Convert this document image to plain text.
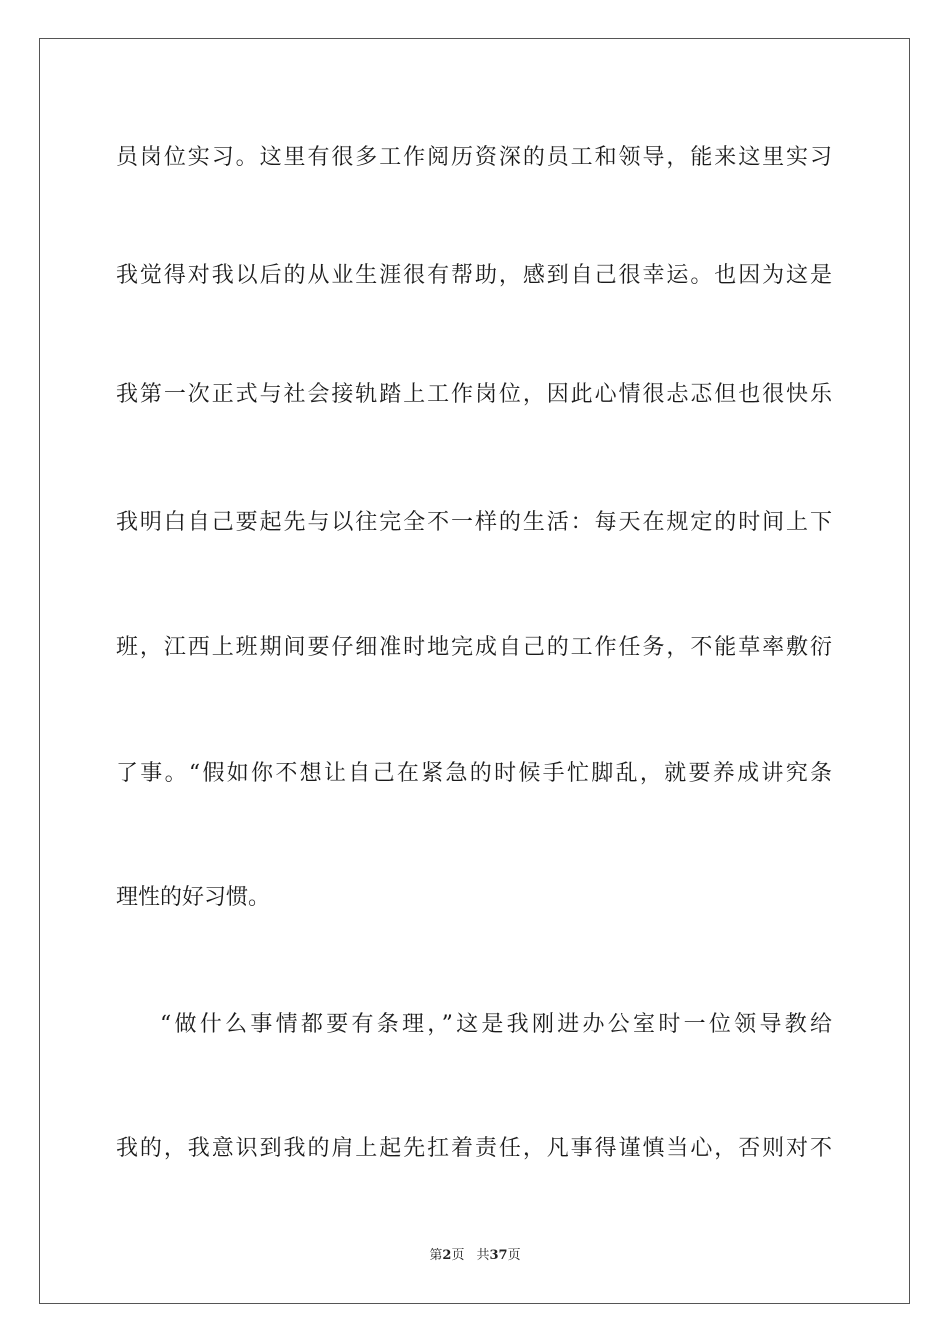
员岗位实习。这里有很多工作阅历资深的员工和领导，能来这里实习
我觉得对我以后的从业生涯很有帮助，感到自己很幸运。也因为这是
我第一次正式与社会接轨踏上工作岗位，因此心情很忐忑但也很快乐
我明白自己要起先与以往完全不一样的生活：每天在规定的时间上下
班，江西上班期间要仔细准时地完成自己的工作任务，不能草率敷衍
了事。“假如你不想让自己在紧急的时候手忙脚乱，就要养成讲究条
理性的好习惯。
“做什么事情都要有条理，”这是我刚进办公室时一位领导教给
我的，我意识到我的肩上起先扛着责任，凡事得谨慎当心，否则对不
第2页 共37页
